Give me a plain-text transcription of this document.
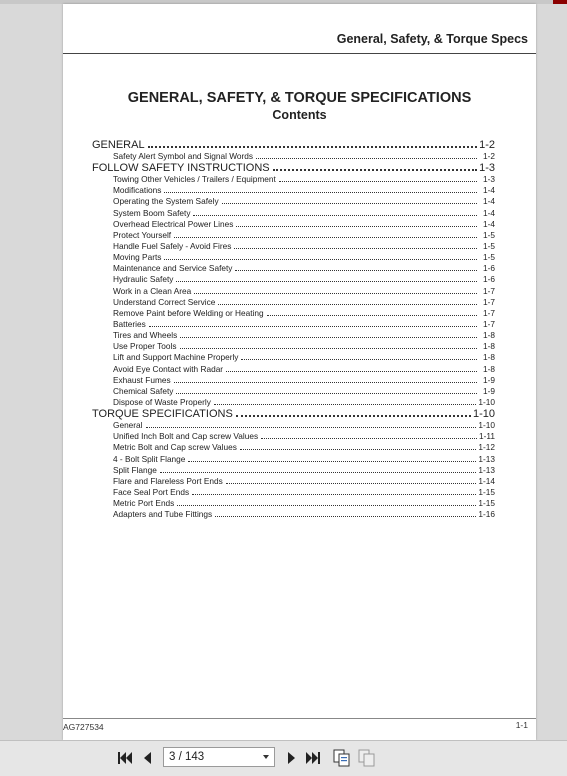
General, Safety, & Torque Specs
GENERAL, SAFETY, & TORQUE SPECIFICATIONS
Contents
GENERAL	1-2
Safety Alert Symbol and Signal Words	1-2
FOLLOW SAFETY INSTRUCTIONS	1-3
Towing Other Vehicles / Trailers / Equipment	1-3
Modifications	1-4
Operating the System Safely	1-4
System Boom Safety	1-4
Overhead Electrical Power Lines	1-4
Protect Yourself	1-5
Handle Fuel Safely - Avoid Fires	1-5
Moving Parts	1-5
Maintenance and Service Safety	1-6
Hydraulic Safety	1-6
Work in a Clean Area	1-7
Understand Correct Service	1-7
Remove Paint before Welding or Heating	1-7
Batteries	1-7
Tires and Wheels	1-8
Use Proper Tools	1-8
Lift and Support Machine Properly	1-8
Avoid Eye Contact with Radar	1-8
Exhaust Fumes	1-9
Chemical Safety	1-9
Dispose of Waste Properly	1-10
TORQUE SPECIFICATIONS	1-10
General	1-10
Unified Inch Bolt and Cap screw Values	1-11
Metric Bolt and Cap screw Values	1-12
4 - Bolt Split Flange	1-13
Split Flange	1-13
Flare and Flareless Port Ends	1-14
Face Seal Port Ends	1-15
Metric Port Ends	1-15
Adapters and Tube Fittings	1-16
AG727534	1-1
3 / 143
